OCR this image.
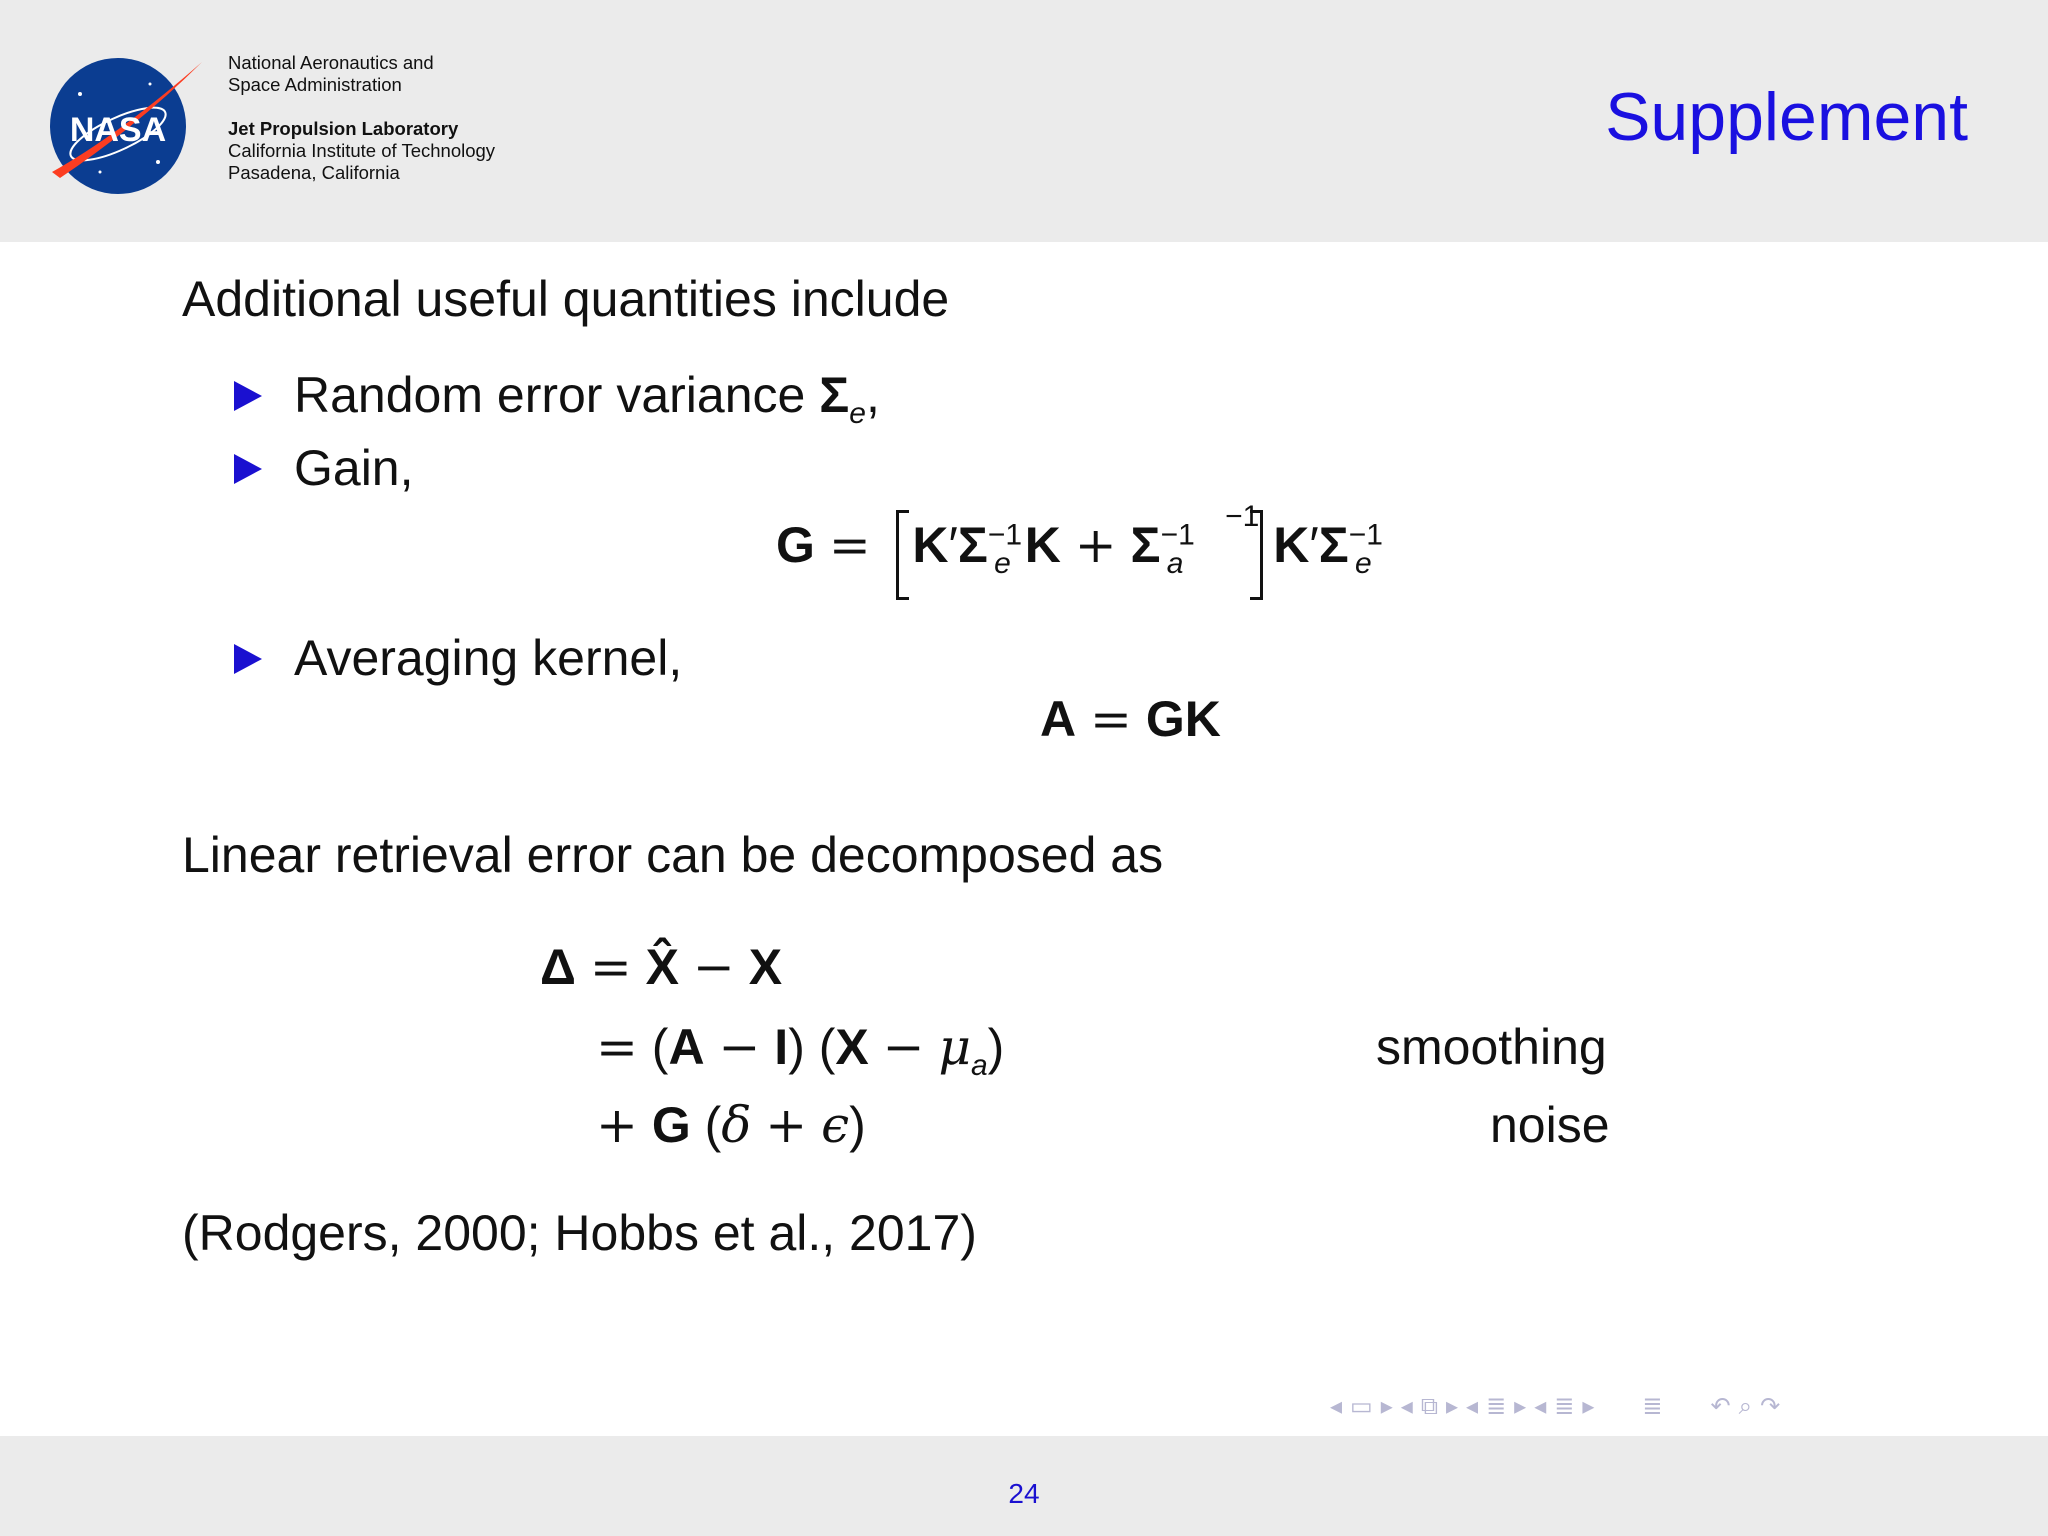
NASA
National Aeronautics and
Space Administration
Jet Propulsion Laboratory
California Institute of Technology
Pasadena, California
Supplement
Additional useful quantities include
Random error variance $\Sigma_e$,
Gain,
$G = K'\Sigma^{-1}_e$ $K + \Sigma^{-1}_a$   $^{-1}$ $K'\Sigma^{-1}_e$
Averaging kernel,
A = GK
Linear retrieval error can be decomposed as
Δ = X̂ − X
= (A − I) $(X - \mu_a)$
+ G (δ + ϵ)
smoothing
noise
(Rodgers, 2000; Hobbs et al., 2017)
◂ ▭ ▸ ◂ ⧉ ▸ ◂ ≣ ▸ ◂ ≣ ▸ ≣ ↶ ⌕ ↷
24
